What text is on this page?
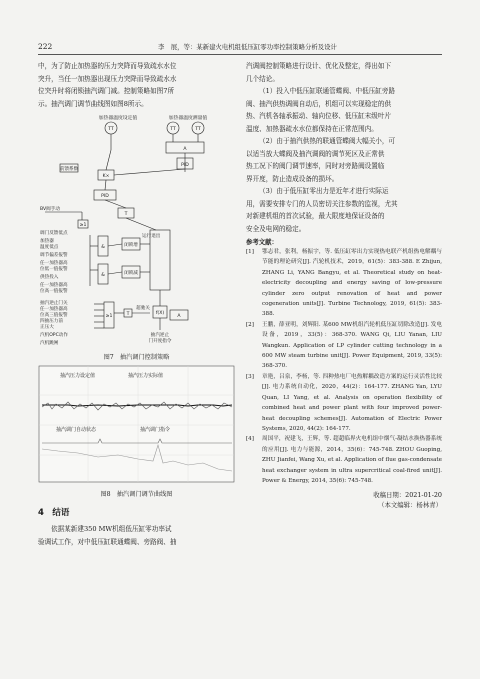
222	李　展，等：某新建火电机组低压缸零功率控制策略分析及设计

中，为了防止加热器的压力突降而导致疏水水位

突升，当任一加热器出现压力突降而导致疏水水

位突升时将闭锁抽汽调门减。控制策略如图7所

示。抽汽调门调节曲线图如图8所示。

加热器温度设定值	加热器温度测量值
TT	TT	TT
A
PID
K×
PID
前馈系数
T
BV阀手动
≥1
调门反馈低点
加热器
温度低点
调节偏差报警
任一加热器高
位低一值报警
供热投入
任一加热器高
位高一值报警
&
&
闭锁增
闭锁减
运行退出
抽汽逆止门关
任一加热器高
位高三值报警
四抽压力前
正压大
汽机OPC动作
汽机跳闸
≥1	T
超驰关
f(X)
A
抽汽逆止
门开度指令
图7　抽汽调门控制策略
抽汽压力设定值	抽汽压力实际值
抽汽调门自动状态	抽汽调门指令
图8　抽汽调门调节曲线图
4　结语

依据某新建350 MW机组低压缸零功率试

验调试工作，对中低压缸联通蝶阀、旁路阀、抽

汽调阀控制策略进行设计、优化及整定，得出如下

几个结论。

（1）投入中低压缸联通管蝶阀、中低压缸旁路

阀、抽汽供热调阀自动后，机组可以实现稳定的供

热、汽机各轴承振动、轴向位移、低压缸末级叶片

温度、加热器疏水水位都保持在正常范围内。

（2）由于抽汽供热的联通管蝶阀大幅关小，可

以适当放大蝶阀及抽汽调阀的调节死区及正常供

热工况下的阀门调节速率，同时对旁路阀设置临

界开度，防止造成设备的损坏。

（3）由于低压缸零出力是近年才进行实际运

用，需要安排专门的人员密切关注参数的监视，尤其

对新建机组的首次试验，最大限度地保证设备的

安全及电网的稳定。

参考文献：
[1]	鄂志君，张利，杨振宇，等. 低压缸零出力实现热电联产机组热电解耦与节能的理论研究[J]. 汽轮机技术，2019，61(5)：383-388. E Zhijun, ZHANG Li, YANG Bangyu, et al. Theoretical study on heat-electricity decoupling and energy saving of low-pressure cylinder zero output renovation of heat and power cogeneration units[J]. Turbine Technology, 2019, 61(5): 383-388.
[2]	王鹏，薛亚明，刘辉阳. 某600 MW机组汽轮机低压缸切除改造[J]. 发电设备，2019，33(5)：368-370. WANG Qi, LIU Yanan, LIU Wangkun. Application of LP cylinder cutting technology in a 600 MW steam turbine unit[J]. Power Equipment, 2019, 33(5): 368-370.
[3]	章艳，吕泉，李杨，等. 四种热电厂电热解耦改造方案的运行灵活性比较[J]. 电力系统自动化，2020，44(2)：164-177. ZHANG Yan, LYU Quan, LI Yang, et al. Analysis on operation flexibility of combined heat and power plant with four improved power-heat decoupling schemes[J]. Automation of Electric Power Systems, 2020, 44(2): 164-177.
[4]	周国平，祝建飞，王辉，等. 超超临界火电机组中烟气-凝结水换热器系统的应用[J]. 电力与能源，2014，35(6)：745-748. ZHOU Guoping, ZHU Jianfei, Wang Xu, et al. Application of flue gas-condensate heat exchanger system in ultra supercritical coal-fired unit[J]. Power & Energy, 2014, 35(6): 745-748.
收稿日期：2021-01-20
（本文编辑：杨林青）
